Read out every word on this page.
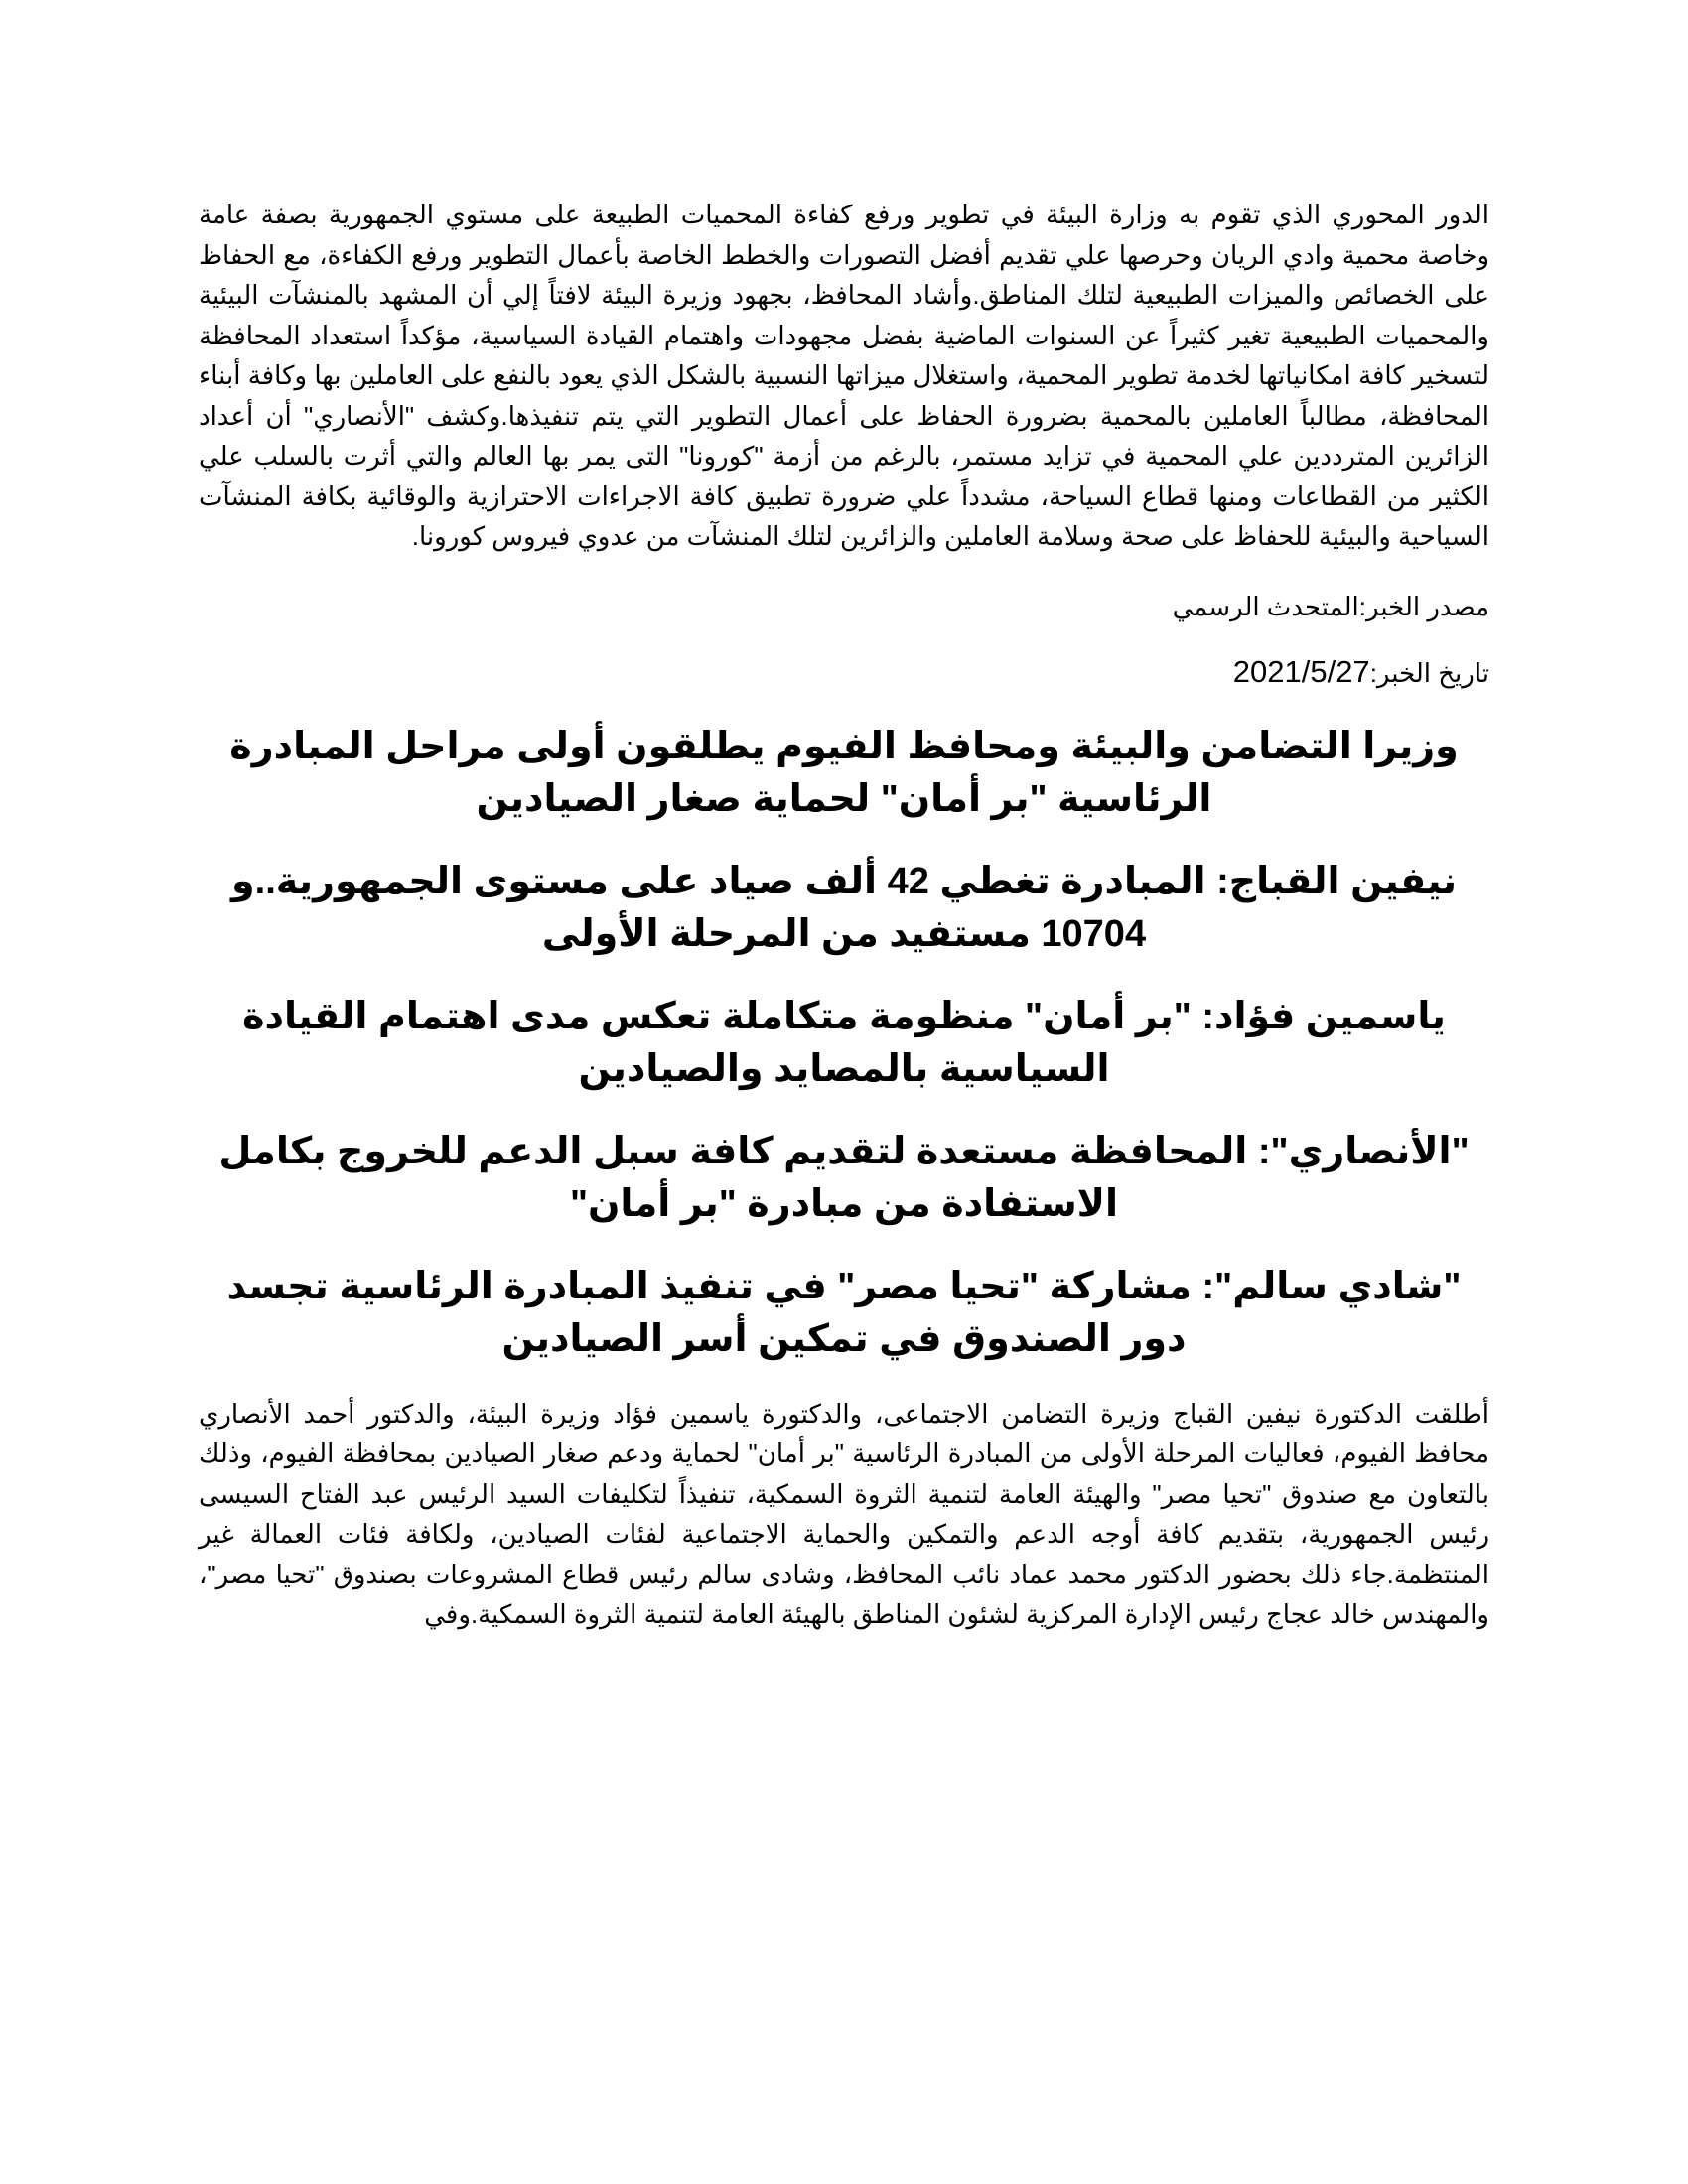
الدور المحوري الذي تقوم به وزارة البيئة في تطوير ورفع كفاءة المحميات الطبيعة على مستوي الجمهورية بصفة عامة وخاصة محمية وادي الريان وحرصها علي تقديم أفضل التصورات والخطط الخاصة بأعمال التطوير ورفع الكفاءة، مع الحفاظ على الخصائص والميزات الطبيعية لتلك المناطق.وأشاد المحافظ، بجهود وزيرة البيئة لافتاً إلي أن المشهد بالمنشآت البيئية والمحميات الطبيعية تغير كثيراً عن السنوات الماضية بفضل مجهودات واهتمام القيادة السياسية، مؤكداً استعداد المحافظة لتسخير كافة امكانياتها لخدمة تطوير المحمية، واستغلال ميزاتها النسبية بالشكل الذي يعود بالنفع على العاملين بها وكافة أبناء المحافظة، مطالباً العاملين بالمحمية بضرورة الحفاظ على أعمال التطوير التي يتم تنفيذها.وكشف "الأنصاري" أن أعداد الزائرين المترددين علي المحمية في تزايد مستمر، بالرغم من أزمة "كورونا" التى يمر بها العالم والتي أثرت بالسلب علي الكثير من القطاعات ومنها قطاع السياحة، مشدداً علي ضرورة تطبيق كافة الاجراءات الاحترازية والوقائية بكافة المنشآت السياحية والبيئية للحفاظ على صحة وسلامة العاملين والزائرين لتلك المنشآت من عدوي فيروس كورونا.

مصدر الخبر:المتحدث الرسمي

تاريخ الخبر:2021/5/27

وزيرا التضامن والبيئة ومحافظ الفيوم يطلقون أولى مراحل المبادرة الرئاسية "بر أمان" لحماية صغار الصيادين
نيفين القباج: المبادرة تغطي 42 ألف صياد على مستوى الجمهورية..و 10704 مستفيد من المرحلة الأولى
ياسمين فؤاد: "بر أمان" منظومة متكاملة تعكس مدى اهتمام القيادة السياسية بالمصايد والصيادين
"الأنصاري": المحافظة مستعدة لتقديم كافة سبل الدعم للخروج بكامل الاستفادة من مبادرة "بر أمان"
"شادي سالم": مشاركة "تحيا مصر" في تنفيذ المبادرة الرئاسية تجسد دور الصندوق في تمكين أسر الصيادين

أطلقت الدكتورة نيفين القباج وزيرة التضامن الاجتماعى، والدكتورة ياسمين فؤاد وزيرة البيئة، والدكتور أحمد الأنصاري محافظ الفيوم، فعاليات المرحلة الأولى من المبادرة الرئاسية "بر أمان" لحماية ودعم صغار الصيادين بمحافظة الفيوم، وذلك بالتعاون مع صندوق "تحيا مصر" والهيئة العامة لتنمية الثروة السمكية، تنفيذاً لتكليفات السيد الرئيس عبد الفتاح السيسى رئيس الجمهورية، بتقديم كافة أوجه الدعم والتمكين والحماية الاجتماعية لفئات الصيادين، ولكافة فئات العمالة غير المنتظمة.جاء ذلك بحضور الدكتور محمد عماد نائب المحافظ، وشادى سالم رئيس قطاع المشروعات بصندوق "تحيا مصر"، والمهندس خالد عجاج رئيس الإدارة المركزية لشئون المناطق بالهيئة العامة لتنمية الثروة السمكية.وفي
